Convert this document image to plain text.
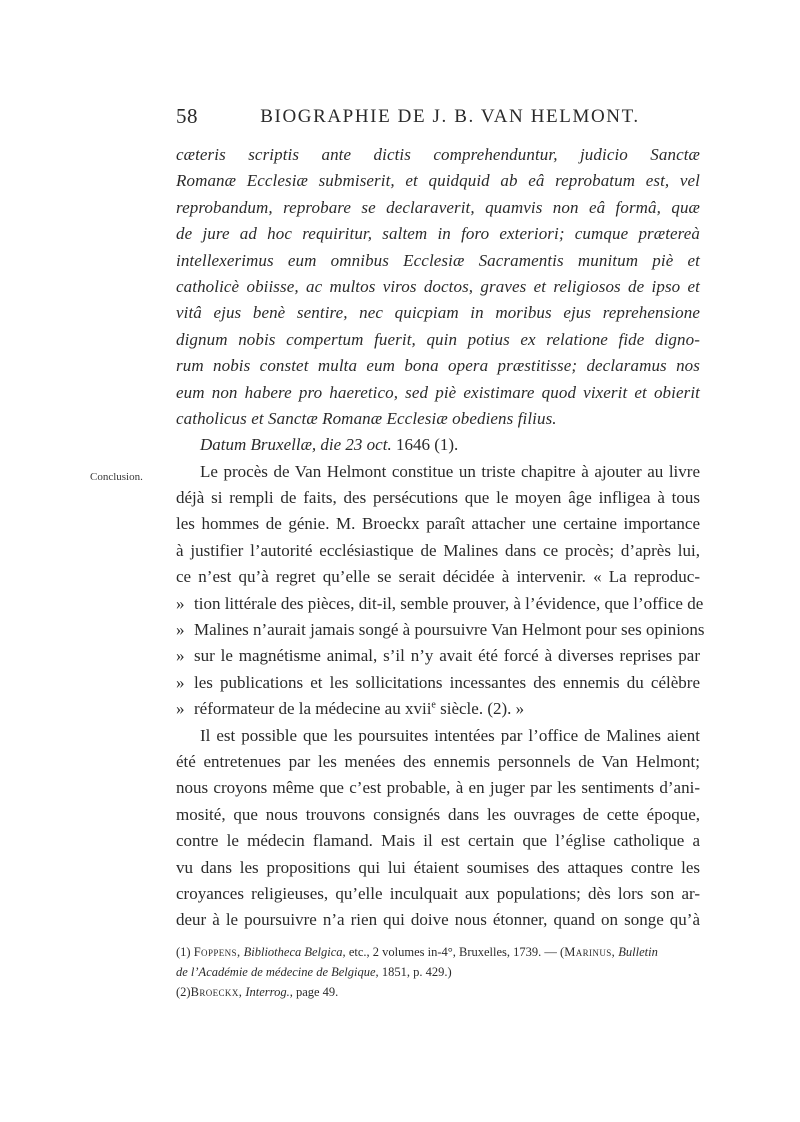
58	BIOGRAPHIE DE J. B. VAN HELMONT.
Conclusion.
cæteris scriptis ante dictis comprehenduntur, judicio Sanctæ
Romanæ Ecclesiæ submiserit, et quidquid ab eâ reprobatum est, vel
reprobandum, reprobare se declaraverit, quamvis non eâ formâ, quæ
de jure ad hoc requiritur, saltem in foro exteriori; cumque prætereà
intellexerimus eum omnibus Ecclesiæ Sacramentis munitum piè et
catholicè obiisse, ac multos viros doctos, graves et religiosos de ipso et
vitâ ejus benè sentire, nec quicpiam in moribus ejus reprehensione
dignum nobis compertum fuerit, quin potius ex relatione fide digno-
rum nobis constet multa eum bona opera præstitisse; declaramus nos
eum non habere pro haeretico, sed piè existimare quod vixerit et obierit
catholicus et Sanctæ Romanæ Ecclesiæ obediens filius.
Datum Bruxellæ, die 23 oct. 1646 (1).
Le procès de Van Helmont constitue un triste chapitre à ajouter au livre
déjà si rempli de faits, des persécutions que le moyen âge infligea à tous
les hommes de génie. M. Broeckx paraît attacher une certaine importance
à justifier l’autorité ecclésiastique de Malines dans ce procès; d’après lui,
ce n’est qu’à regret qu’elle se serait décidée à intervenir. « La reproduc-
» tion littérale des pièces, dit-il, semble prouver, à l’évidence, que l’office de
» Malines n’aurait jamais songé à poursuivre Van Helmont pour ses opinions
» sur le magnétisme animal, s’il n’y avait été forcé à diverses reprises par
» les publications et les sollicitations incessantes des ennemis du célèbre
» réformateur de la médecine au xvii$^e$ siècle. (2). »
Il est possible que les poursuites intentées par l’office de Malines aient
été entretenues par les menées des ennemis personnels de Van Helmont;
nous croyons même que c’est probable, à en juger par les sentiments d’ani-
mosité, que nous trouvons consignés dans les ouvrages de cette époque,
contre le médecin flamand. Mais il est certain que l’église catholique a
vu dans les propositions qui lui étaient soumises des attaques contre les
croyances religieuses, qu’elle inculquait aux populations; dès lors son ar-
deur à le poursuivre n’a rien qui doive nous étonner, quand on songe qu’à
(1) Foppens, Bibliotheca Belgica, etc., 2 volumes in-4°, Bruxelles, 1739. — (Marinus, Bulletin
de l’Académie de médecine de Belgique, 1851, p. 429.)
(2)Broeckx, Interrog., page 49.
